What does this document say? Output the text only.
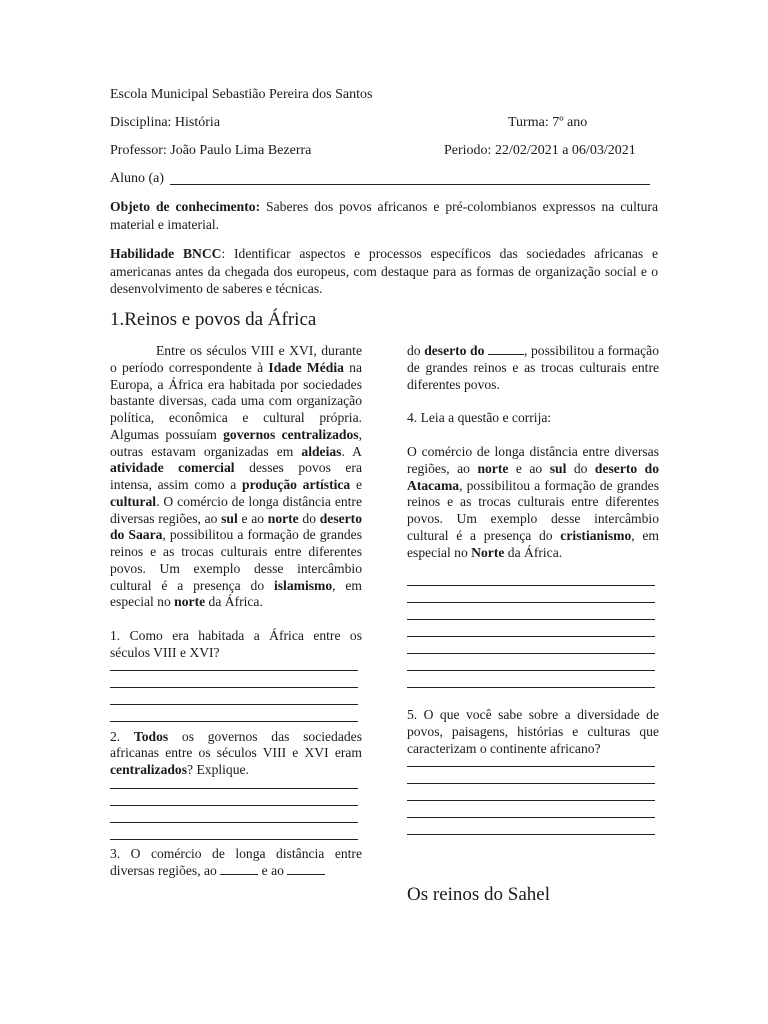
Escola Municipal Sebastião Pereira dos Santos
Disciplina: História	Turma: 7º ano
Professor: João Paulo Lima Bezerra	Periodo: 22/02/2021 a 06/03/2021
Aluno (a)
Objeto de conhecimento: Saberes dos povos africanos e pré-colombianos expressos na cultura material e imaterial.
Habilidade BNCC: Identificar aspectos e processos específicos das sociedades africanas e americanas antes da chegada dos europeus, com destaque para as formas de organização social e o desenvolvimento de saberes e técnicas.
1.Reinos e povos da África

Entre os séculos VIII e XVI, durante o período correspondente à Idade Média na Europa, a África era habitada por sociedades bastante diversas, cada uma com organização política, econômica e cultural própria. Algumas possuíam governos centralizados, outras estavam organizadas em aldeias. A atividade comercial desses povos era intensa, assim como a produção artística e cultural. O comércio de longa distância entre diversas regiões, ao sul e ao norte do deserto do Saara, possibilitou a formação de grandes reinos e as trocas culturais entre diferentes povos. Um exemplo desse intercâmbio cultural é a presença do islamismo, em especial no norte da África.

1. Como era habitada a África entre os séculos VIII e XVI?

2. Todos os governos das sociedades africanas entre os séculos VIII e XVI eram centralizados? Explique.

3. O comércio de longa distância entre diversas regiões, ao	e ao

do deserto do	, possibilitou a formação de grandes reinos e as trocas culturais entre diferentes povos.

4. Leia a questão e corrija:

O comércio de longa distância entre diversas regiões, ao norte e ao sul do deserto do Atacama, possibilitou a formação de grandes reinos e as trocas culturais entre diferentes povos. Um exemplo desse intercâmbio cultural é a presença do cristianismo, em especial no Norte da África.

5. O que você sabe sobre a diversidade de povos, paisagens, histórias e culturas que caracterizam o continente africano?

Os reinos do Sahel
